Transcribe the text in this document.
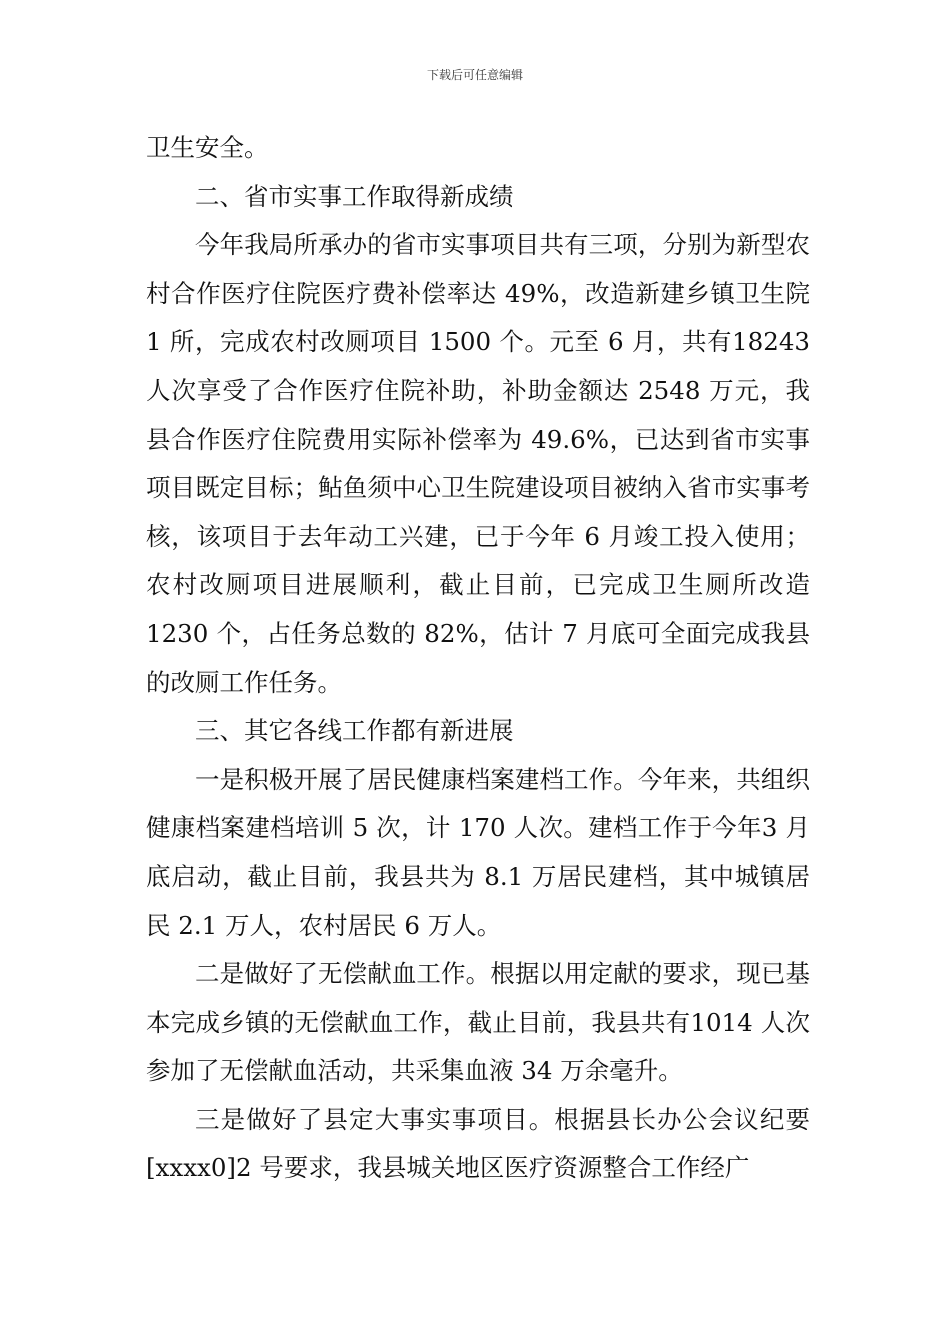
下载后可任意编辑

卫生安全。

二、省市实事工作取得新成绩

今年我局所承办的省市实事项目共有三项，分别为新型农村合作医疗住院医疗费补偿率达 49%，改造新建乡镇卫生院 1 所，完成农村改厕项目 1500 个。元至 6 月，共有18243 人次享受了合作医疗住院补助，补助金额达 2548 万元，我县合作医疗住院费用实际补偿率为 49.6%，已达到省市实事项目既定目标；鲇鱼须中心卫生院建设项目被纳入省市实事考核，该项目于去年动工兴建，已于今年 6 月竣工投入使用；农村改厕项目进展顺利，截止目前，已完成卫生厕所改造 1230 个，占任务总数的 82%，估计 7 月底可全面完成我县的改厕工作任务。

三、其它各线工作都有新进展

一是积极开展了居民健康档案建档工作。今年来，共组织健康档案建档培训 5 次，计 170 人次。建档工作于今年3 月底启动，截止目前，我县共为 8.1 万居民建档，其中城镇居民 2.1 万人，农村居民 6 万人。

二是做好了无偿献血工作。根据以用定献的要求，现已基本完成乡镇的无偿献血工作，截止目前，我县共有1014 人次参加了无偿献血活动，共采集血液 34 万余毫升。

三是做好了县定大事实事项目。根据县长办公会议纪要[xxxx0]2 号要求，我县城关地区医疗资源整合工作经广
